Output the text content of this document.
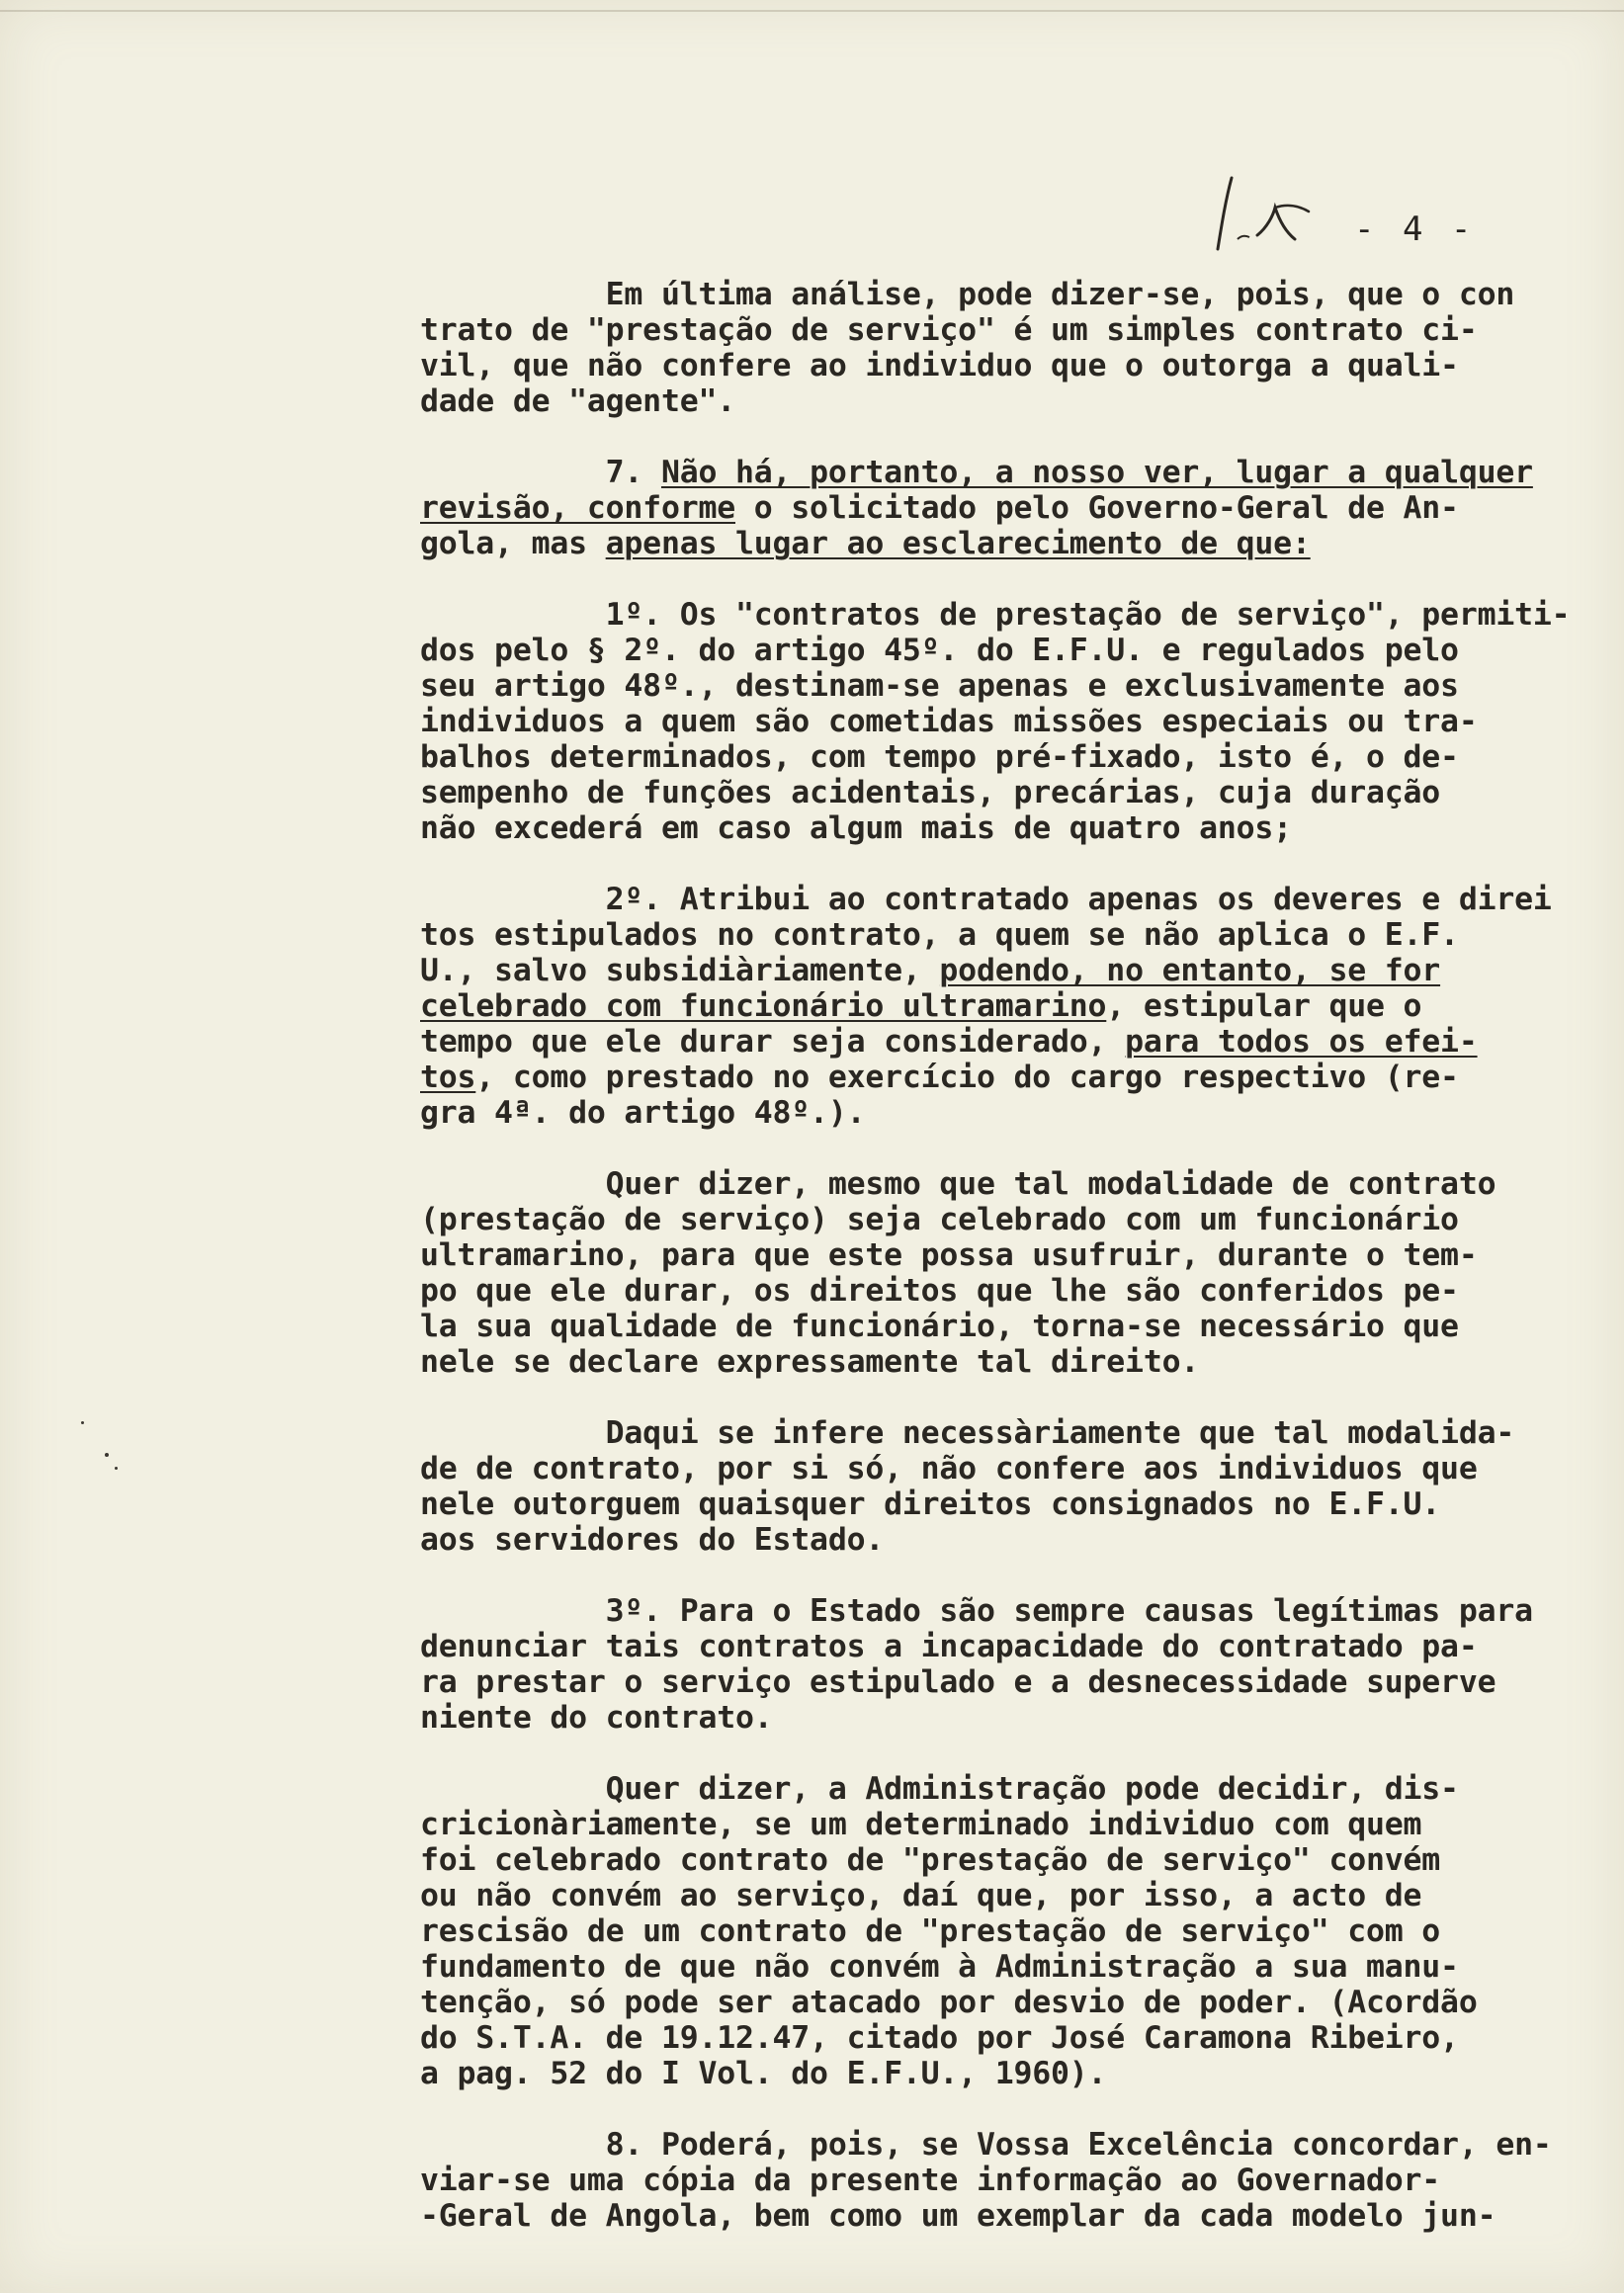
- 4 -
Em última análise, pode dizer-se, pois, que o con
trato de "prestação de serviço" é um simples contrato ci-
vil, que não confere ao individuo que o outorga a quali-
dade de "agente".
7. Não há, portanto, a nosso ver, lugar a qualquer
revisão, conforme o solicitado pelo Governo-Geral de An-
gola, mas apenas lugar ao esclarecimento de que:
1º. Os "contratos de prestação de serviço", permiti-
dos pelo § 2º. do artigo 45º. do E.F.U. e regulados pelo
seu artigo 48º., destinam-se apenas e exclusivamente aos
individuos a quem são cometidas missões especiais ou tra-
balhos determinados, com tempo pré-fixado, isto é, o de-
sempenho de funções acidentais, precárias, cuja duração
não excederá em caso algum mais de quatro anos;
2º. Atribui ao contratado apenas os deveres e direi
tos estipulados no contrato, a quem se não aplica o E.F.
U., salvo subsidiàriamente, podendo, no entanto, se for
celebrado com funcionário ultramarino, estipular que o
tempo que ele durar seja considerado, para todos os efei-
tos, como prestado no exercício do cargo respectivo (re-
gra 4ª. do artigo 48º.).
Quer dizer, mesmo que tal modalidade de contrato
(prestação de serviço) seja celebrado com um funcionário
ultramarino, para que este possa usufruir, durante o tem-
po que ele durar, os direitos que lhe são conferidos pe-
la sua qualidade de funcionário, torna-se necessário que
nele se declare expressamente tal direito.
Daqui se infere necessàriamente que tal modalida-
de de contrato, por si só, não confere aos individuos que
nele outorguem quaisquer direitos consignados no E.F.U.
aos servidores do Estado.
3º. Para o Estado são sempre causas legítimas para
denunciar tais contratos a incapacidade do contratado pa-
ra prestar o serviço estipulado e a desnecessidade superve
niente do contrato.
Quer dizer, a Administração pode decidir, dis-
cricionàriamente, se um determinado individuo com quem
foi celebrado contrato de "prestação de serviço" convém
ou não convém ao serviço, daí que, por isso, a acto de
rescisão de um contrato de "prestação de serviço" com o
fundamento de que não convém à Administração a sua manu-
tenção, só pode ser atacado por desvio de poder. (Acordão
do S.T.A. de 19.12.47, citado por José Caramona Ribeiro,
a pag. 52 do I Vol. do E.F.U., 1960).
8. Poderá, pois, se Vossa Excelência concordar, en-
viar-se uma cópia da presente informação ao Governador-
-Geral de Angola, bem como um exemplar da cada modelo jun-
